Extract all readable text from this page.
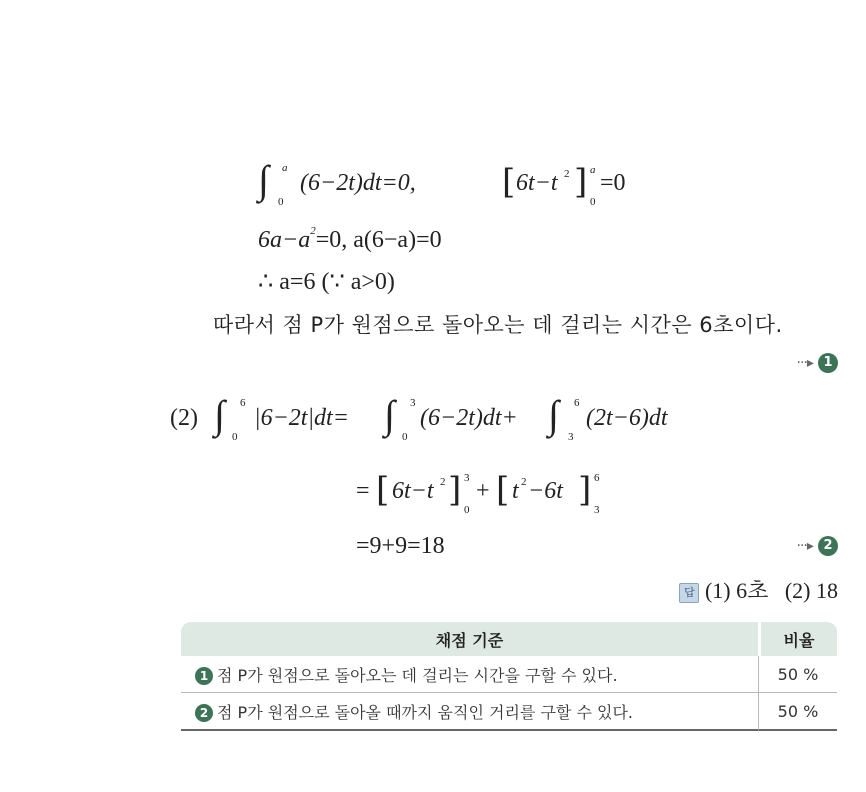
∫ a
0
(6−2t)dt=0,	[ 6t−t 2 ] a
0
=0
$6a-a^2=0$, a(6−a)=0
∴ a=6 (∵ a>0)
따라서 점 P가 원점으로 돌아오는 데 걸리는 시간은 6초이다.
···▸ 1
(2) ∫ 6
0
|6−2t|dt= ∫ 3
0
(6−2t)dt+ ∫ 6
3
(2t−6)dt
= [ 6t−t 2 ] 3
0
+ [ t 2 −6t ] 6
3
=9+9=18	···▸ 2
답 (1) 6초   (2) 18
채점 기준	비율
1 점 P가 원점으로 돌아오는 데 걸리는 시간을 구할 수 있다.	50 %
2 점 P가 원점으로 돌아올 때까지 움직인 거리를 구할 수 있다.	50 %
